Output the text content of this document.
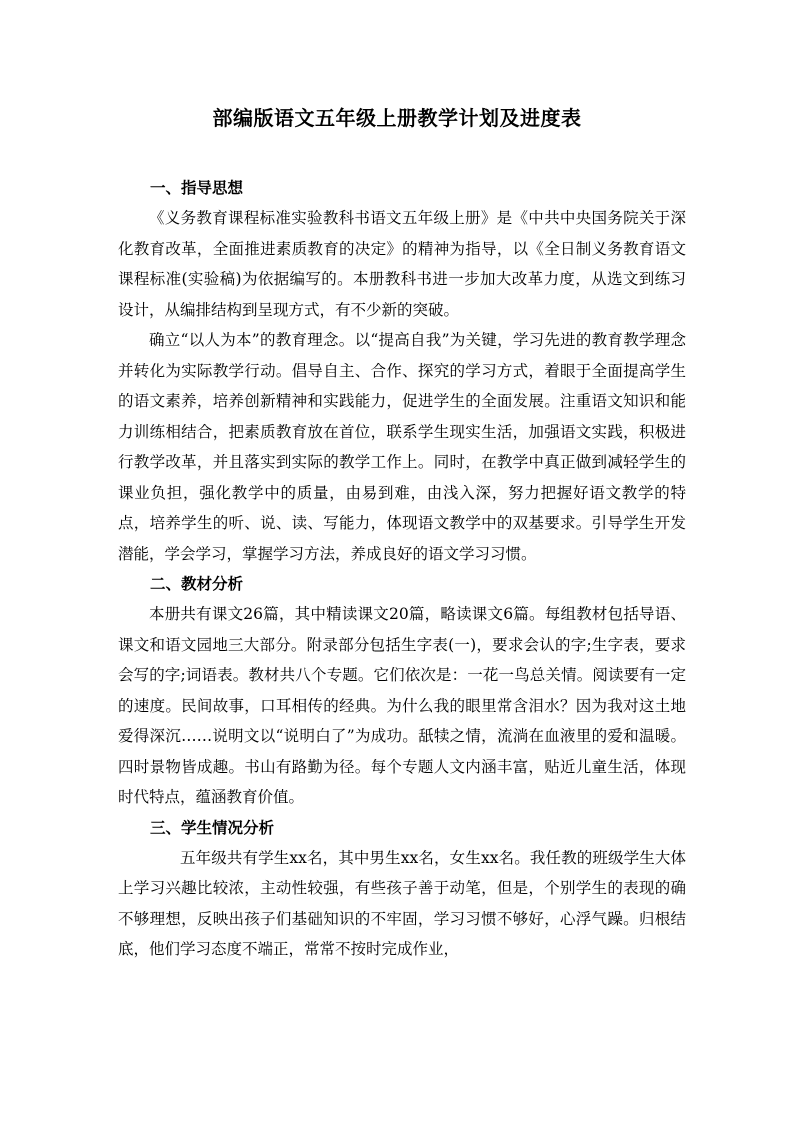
部编版语文五年级上册教学计划及进度表
一、指导思想

《义务教育课程标准实验教科书语文五年级上册》是《中共中央国务院关于深化教育改革，全面推进素质教育的决定》的精神为指导，以《全日制义务教育语文课程标准(实验稿)为依据编写的。本册教科书进一步加大改革力度，从选文到练习设计，从编排结构到呈现方式，有不少新的突破。

确立“以人为本”的教育理念。以“提高自我”为关键，学习先进的教育教学理念并转化为实际教学行动。倡导自主、合作、探究的学习方式，着眼于全面提高学生的语文素养，培养创新精神和实践能力，促进学生的全面发展。注重语文知识和能力训练相结合，把素质教育放在首位，联系学生现实生活，加强语文实践，积极进行教学改革，并且落实到实际的教学工作上。同时，在教学中真正做到减轻学生的课业负担，强化教学中的质量，由易到难，由浅入深，努力把握好语文教学的特点，培养学生的听、说、读、写能力，体现语文教学中的双基要求。引导学生开发潜能，学会学习，掌握学习方法，养成良好的语文学习习惯。

二、教材分析

本册共有课文26篇，其中精读课文20篇，略读课文6篇。每组教材包括导语、课文和语文园地三大部分。附录部分包括生字表(一)，要求会认的字;生字表，要求会写的字;词语表。教材共八个专题。它们依次是：一花一鸟总关情。阅读要有一定的速度。民间故事，口耳相传的经典。为什么我的眼里常含泪水？因为我对这土地爱得深沉……说明文以“说明白了”为成功。舐犊之情，流淌在血液里的爱和温暖。四时景物皆成趣。书山有路勤为径。每个专题人文内涵丰富，贴近儿童生活，体现时代特点，蕴涵教育价值。

三、学生情况分析

五年级共有学生xx名，其中男生xx名，女生xx名。我任教的班级学生大体上学习兴趣比较浓，主动性较强，有些孩子善于动笔，但是，个别学生的表现的确不够理想，反映出孩子们基础知识的不牢固，学习习惯不够好，心浮气躁。归根结底，他们学习态度不端正，常常不按时完成作业，
